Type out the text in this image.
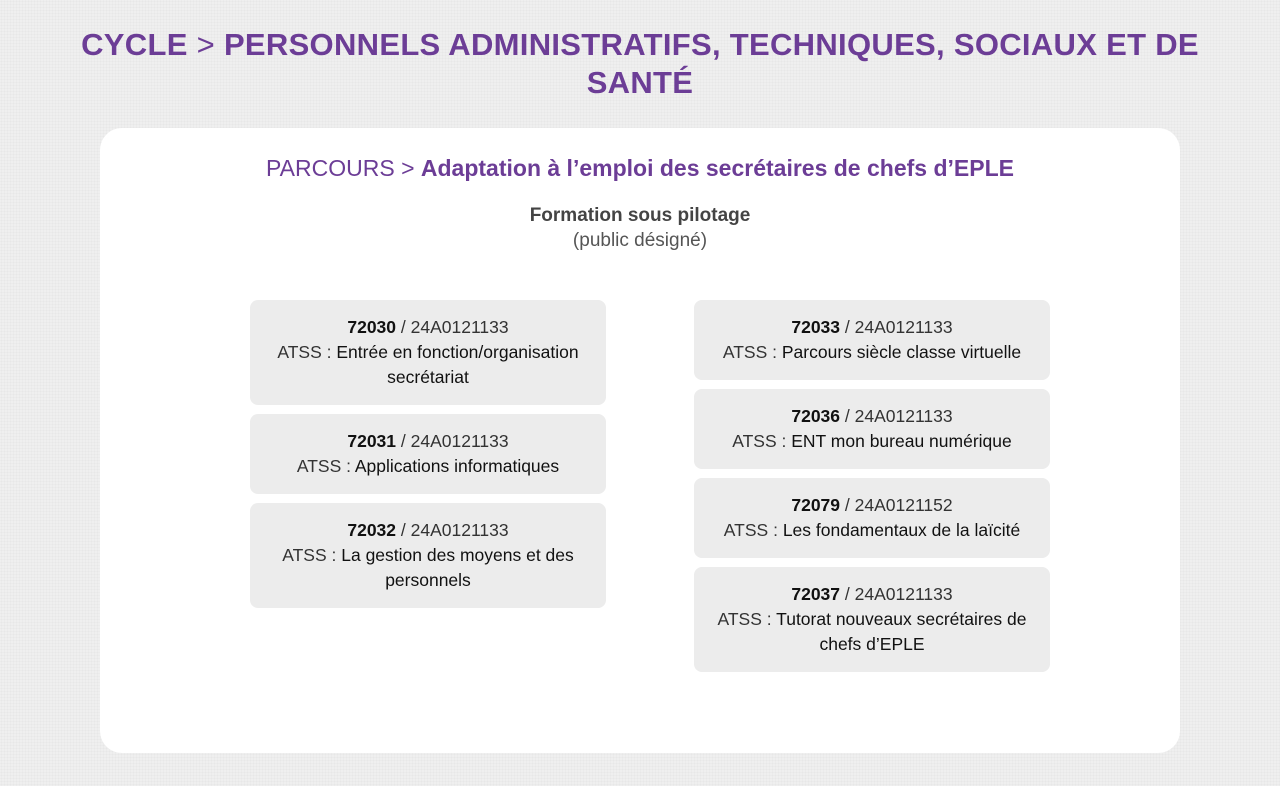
CYCLE > PERSONNELS ADMINISTRATIFS, TECHNIQUES, SOCIAUX ET DE SANTÉ
PARCOURS > Adaptation à l’emploi des secrétaires de chefs d’EPLE
Formation sous pilotage
(public désigné)
72030 / 24A0121133
ATSS : Entrée en fonction/organisation secrétariat
72031 / 24A0121133
ATSS : Applications informatiques
72032 / 24A0121133
ATSS : La gestion des moyens et des personnels
72033 / 24A0121133
ATSS : Parcours siècle classe virtuelle
72036 / 24A0121133
ATSS : ENT mon bureau numérique
72079 / 24A0121152
ATSS : Les fondamentaux de la laïcité
72037 / 24A0121133
ATSS : Tutorat nouveaux secrétaires de chefs d’EPLE
